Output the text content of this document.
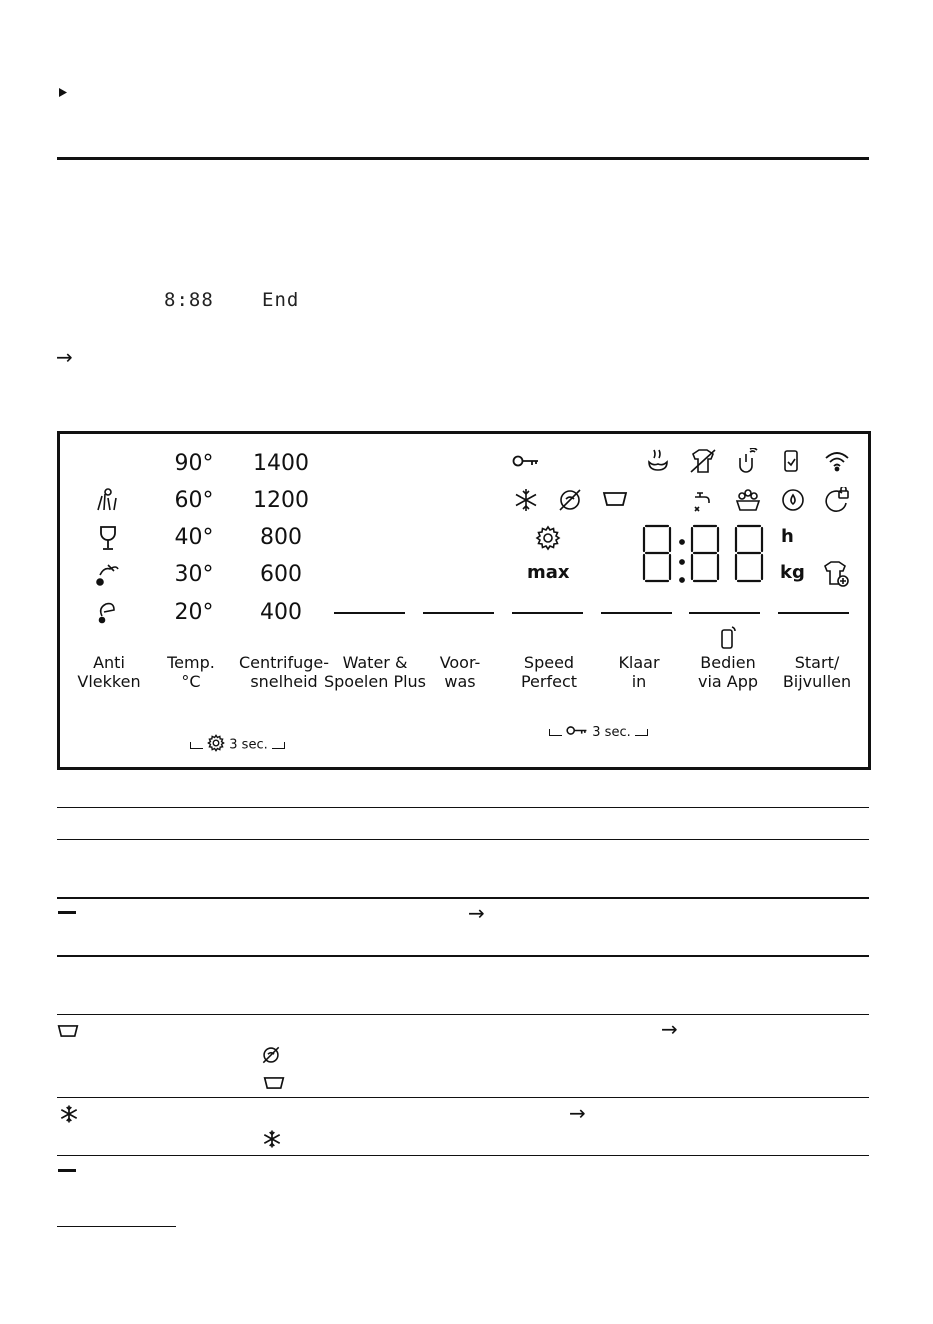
8:88	End
→
90°
60°
40°
30°
20°
1400
1200
800
600
400
max
h
kg
Anti
Vlekken
Temp.
°C
Centrifuge-
snelheid
Water &
Spoelen Plus
Voor-
was
Speed
Perfect
Klaar
in
Bedien
via App
Start/
Bijvullen
3 sec.
3 sec.
→
→
→
